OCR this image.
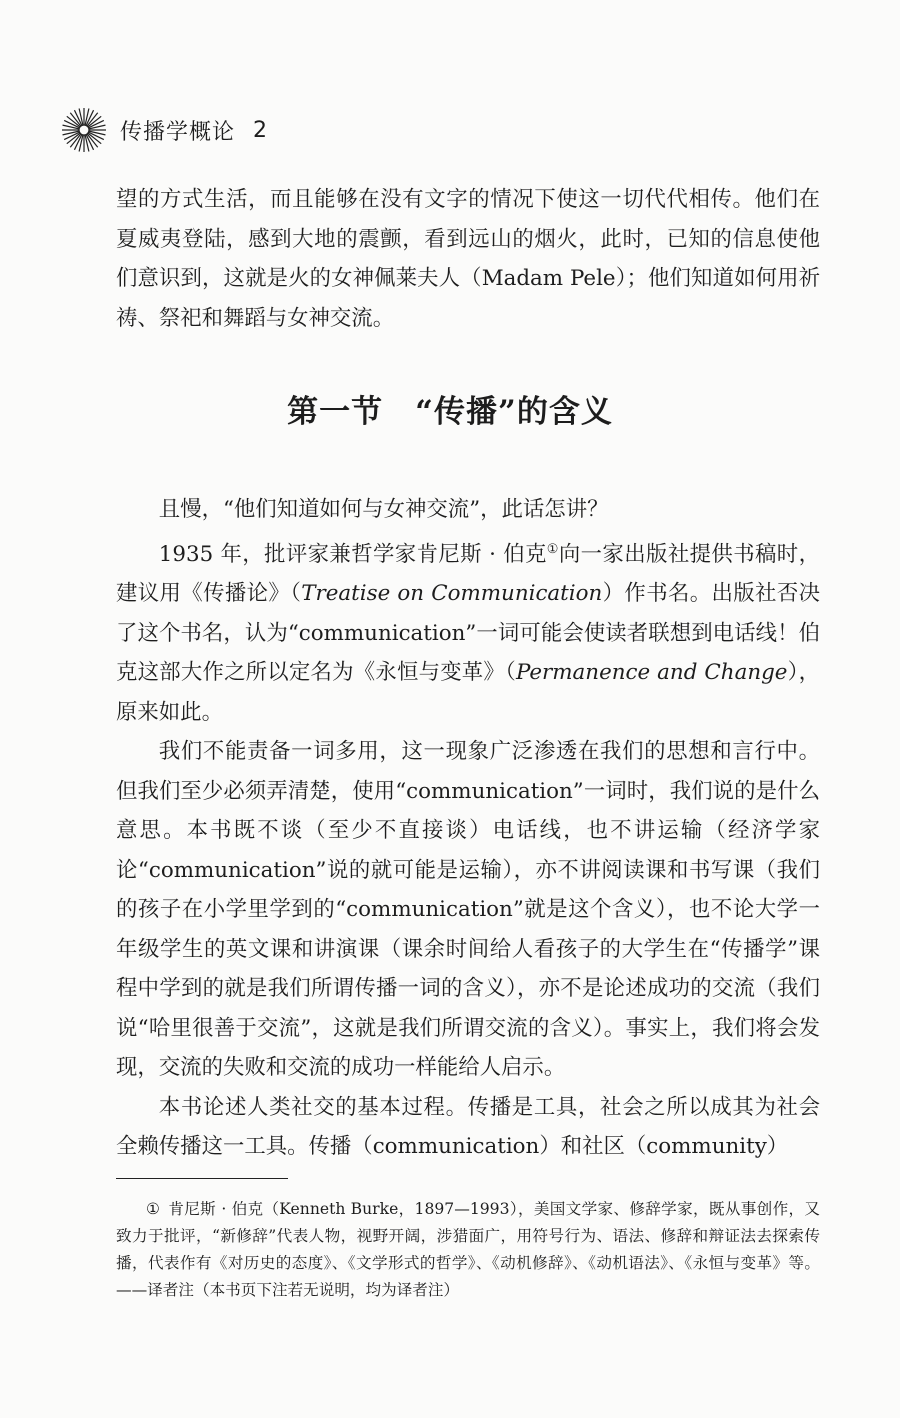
传播学概论 2

望的方式生活，而且能够在没有文字的情况下使这一切代代相传。他们在夏威夷登陆，感到大地的震颤，看到远山的烟火，此时，已知的信息使他们意识到，这就是火的女神佩莱夫人（Madam Pele）；他们知道如何用祈祷、祭祀和舞蹈与女神交流。

第一节　“传播”的含义

且慢，“他们知道如何与女神交流”，此话怎讲？

1935 年，批评家兼哲学家肯尼斯 · 伯克①向一家出版社提供书稿时，建议用《传播论》（Treatise on Communication）作书名。出版社否决了这个书名，认为“communication”一词可能会使读者联想到电话线！伯克这部大作之所以定名为《永恒与变革》（Permanence and Change），原来如此。

我们不能责备一词多用，这一现象广泛渗透在我们的思想和言行中。但我们至少必须弄清楚，使用“communication”一词时，我们说的是什么意思。本书既不谈（至少不直接谈）电话线，也不讲运输（经济学家论“communication”说的就可能是运输），亦不讲阅读课和书写课（我们的孩子在小学里学到的“communication”就是这个含义），也不论大学一年级学生的英文课和讲演课（课余时间给人看孩子的大学生在“传播学”课程中学到的就是我们所谓传播一词的含义），亦不是论述成功的交流（我们说“哈里很善于交流”，这就是我们所谓交流的含义）。事实上，我们将会发现，交流的失败和交流的成功一样能给人启示。

本书论述人类社交的基本过程。传播是工具，社会之所以成其为社会全赖传播这一工具。传播（communication）和社区（community）

① 肯尼斯 · 伯克（Kenneth Burke，1897—1993），美国文学家、修辞学家，既从事创作，又致力于批评，“新修辞”代表人物，视野开阔，涉猎面广，用符号行为、语法、修辞和辩证法去探索传播，代表作有《对历史的态度》、《文学形式的哲学》、《动机修辞》、《动机语法》、《永恒与变革》等。——译者注（本书页下注若无说明，均为译者注）
